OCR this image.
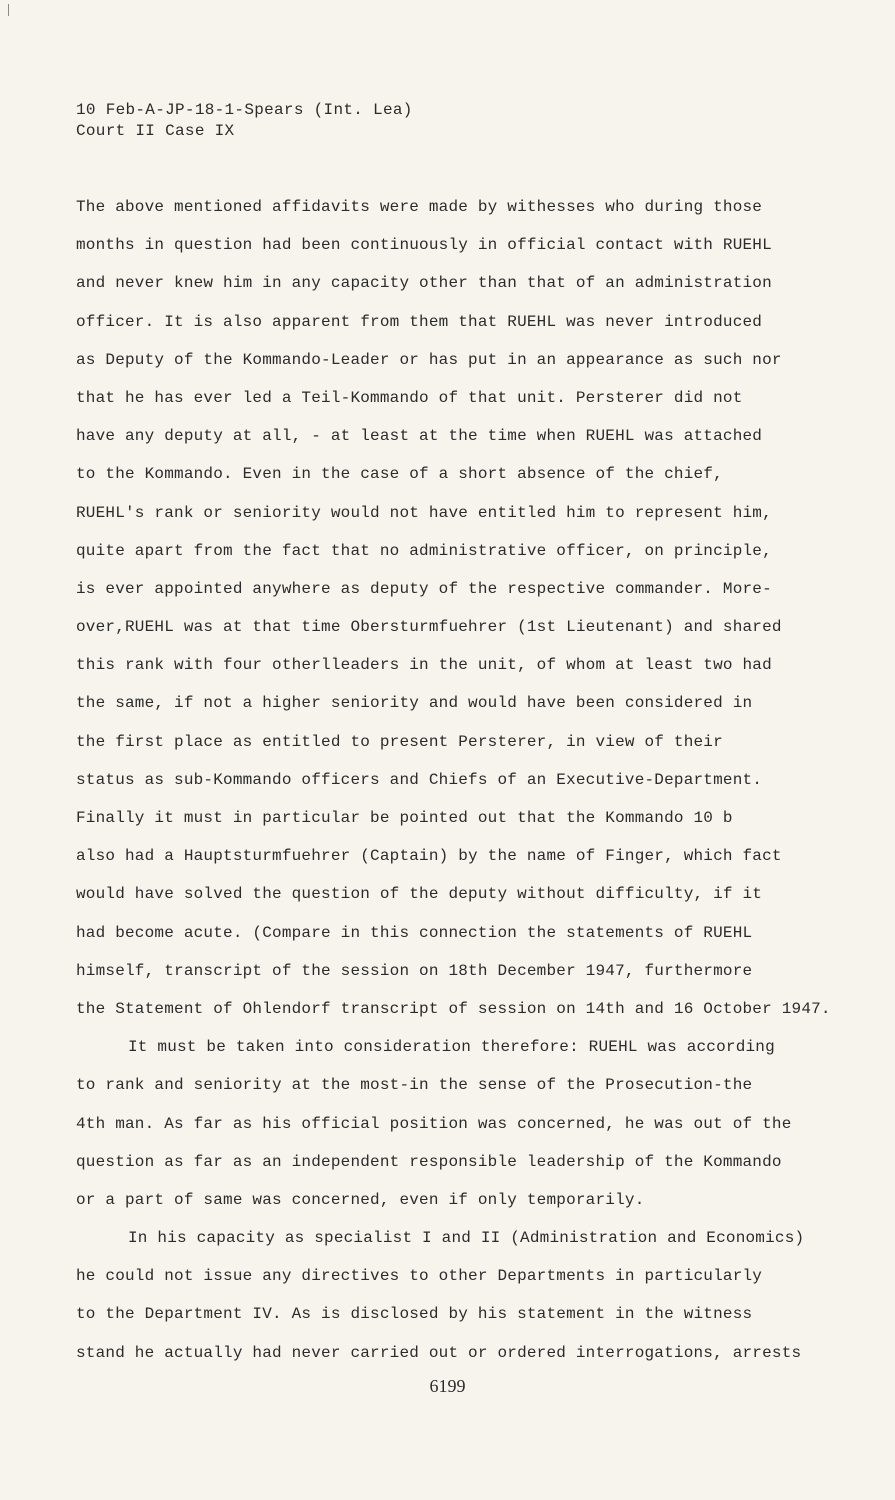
10 Feb-A-JP-18-1-Spears (Int. Lea)
Court II Case IX
The above mentioned affidavits were made by withesses who during those
months in question had been continuously in official contact with RUEHL
and never knew him in any capacity other than that of an administration
officer. It is also apparent from them that RUEHL was never introduced
as Deputy of the Kommando-Leader or has put in an appearance as such nor
that he has ever led a Teil-Kommando of that unit. Persterer did not
have any deputy at all, - at least at the time when RUEHL was attached
to the Kommando. Even in the case of a short absence of the chief,
RUEHL's rank or seniority would not have entitled him to represent him,
quite apart from the fact that no administrative officer, on principle,
is ever appointed anywhere as deputy of the respective commander. More-
over,RUEHL was at that time Obersturmfuehrer (1st Lieutenant) and shared
this rank with four otherlleaders in the unit, of whom at least two had
the same, if not a higher seniority and would have been considered in
the first place as entitled to present Persterer, in view of their
status as sub-Kommando officers and Chiefs of an Executive-Department.
Finally it must in particular be pointed out that the Kommando 10 b
also had a Hauptsturmfuehrer (Captain) by the name of Finger, which fact
would have solved the question of the deputy without difficulty, if it
had become acute. (Compare in this connection the statements of RUEHL
himself, transcript of the session on 18th December 1947, furthermore
the Statement of Ohlendorf transcript of session on 14th and 16 October 1947.
It must be taken into consideration therefore: RUEHL was according
to rank and seniority at the most-in the sense of the Prosecution-the
4th man. As far as his official position was concerned, he was out of the
question as far as an independent responsible leadership of the Kommando
or a part of same was concerned, even if only temporarily.
In his capacity as specialist I and II (Administration and Economics)
he could not issue any directives to other Departments in particularly
to the Department IV. As is disclosed by his statement in the witness
stand he actually had never carried out or ordered interrogations, arrests
6199
